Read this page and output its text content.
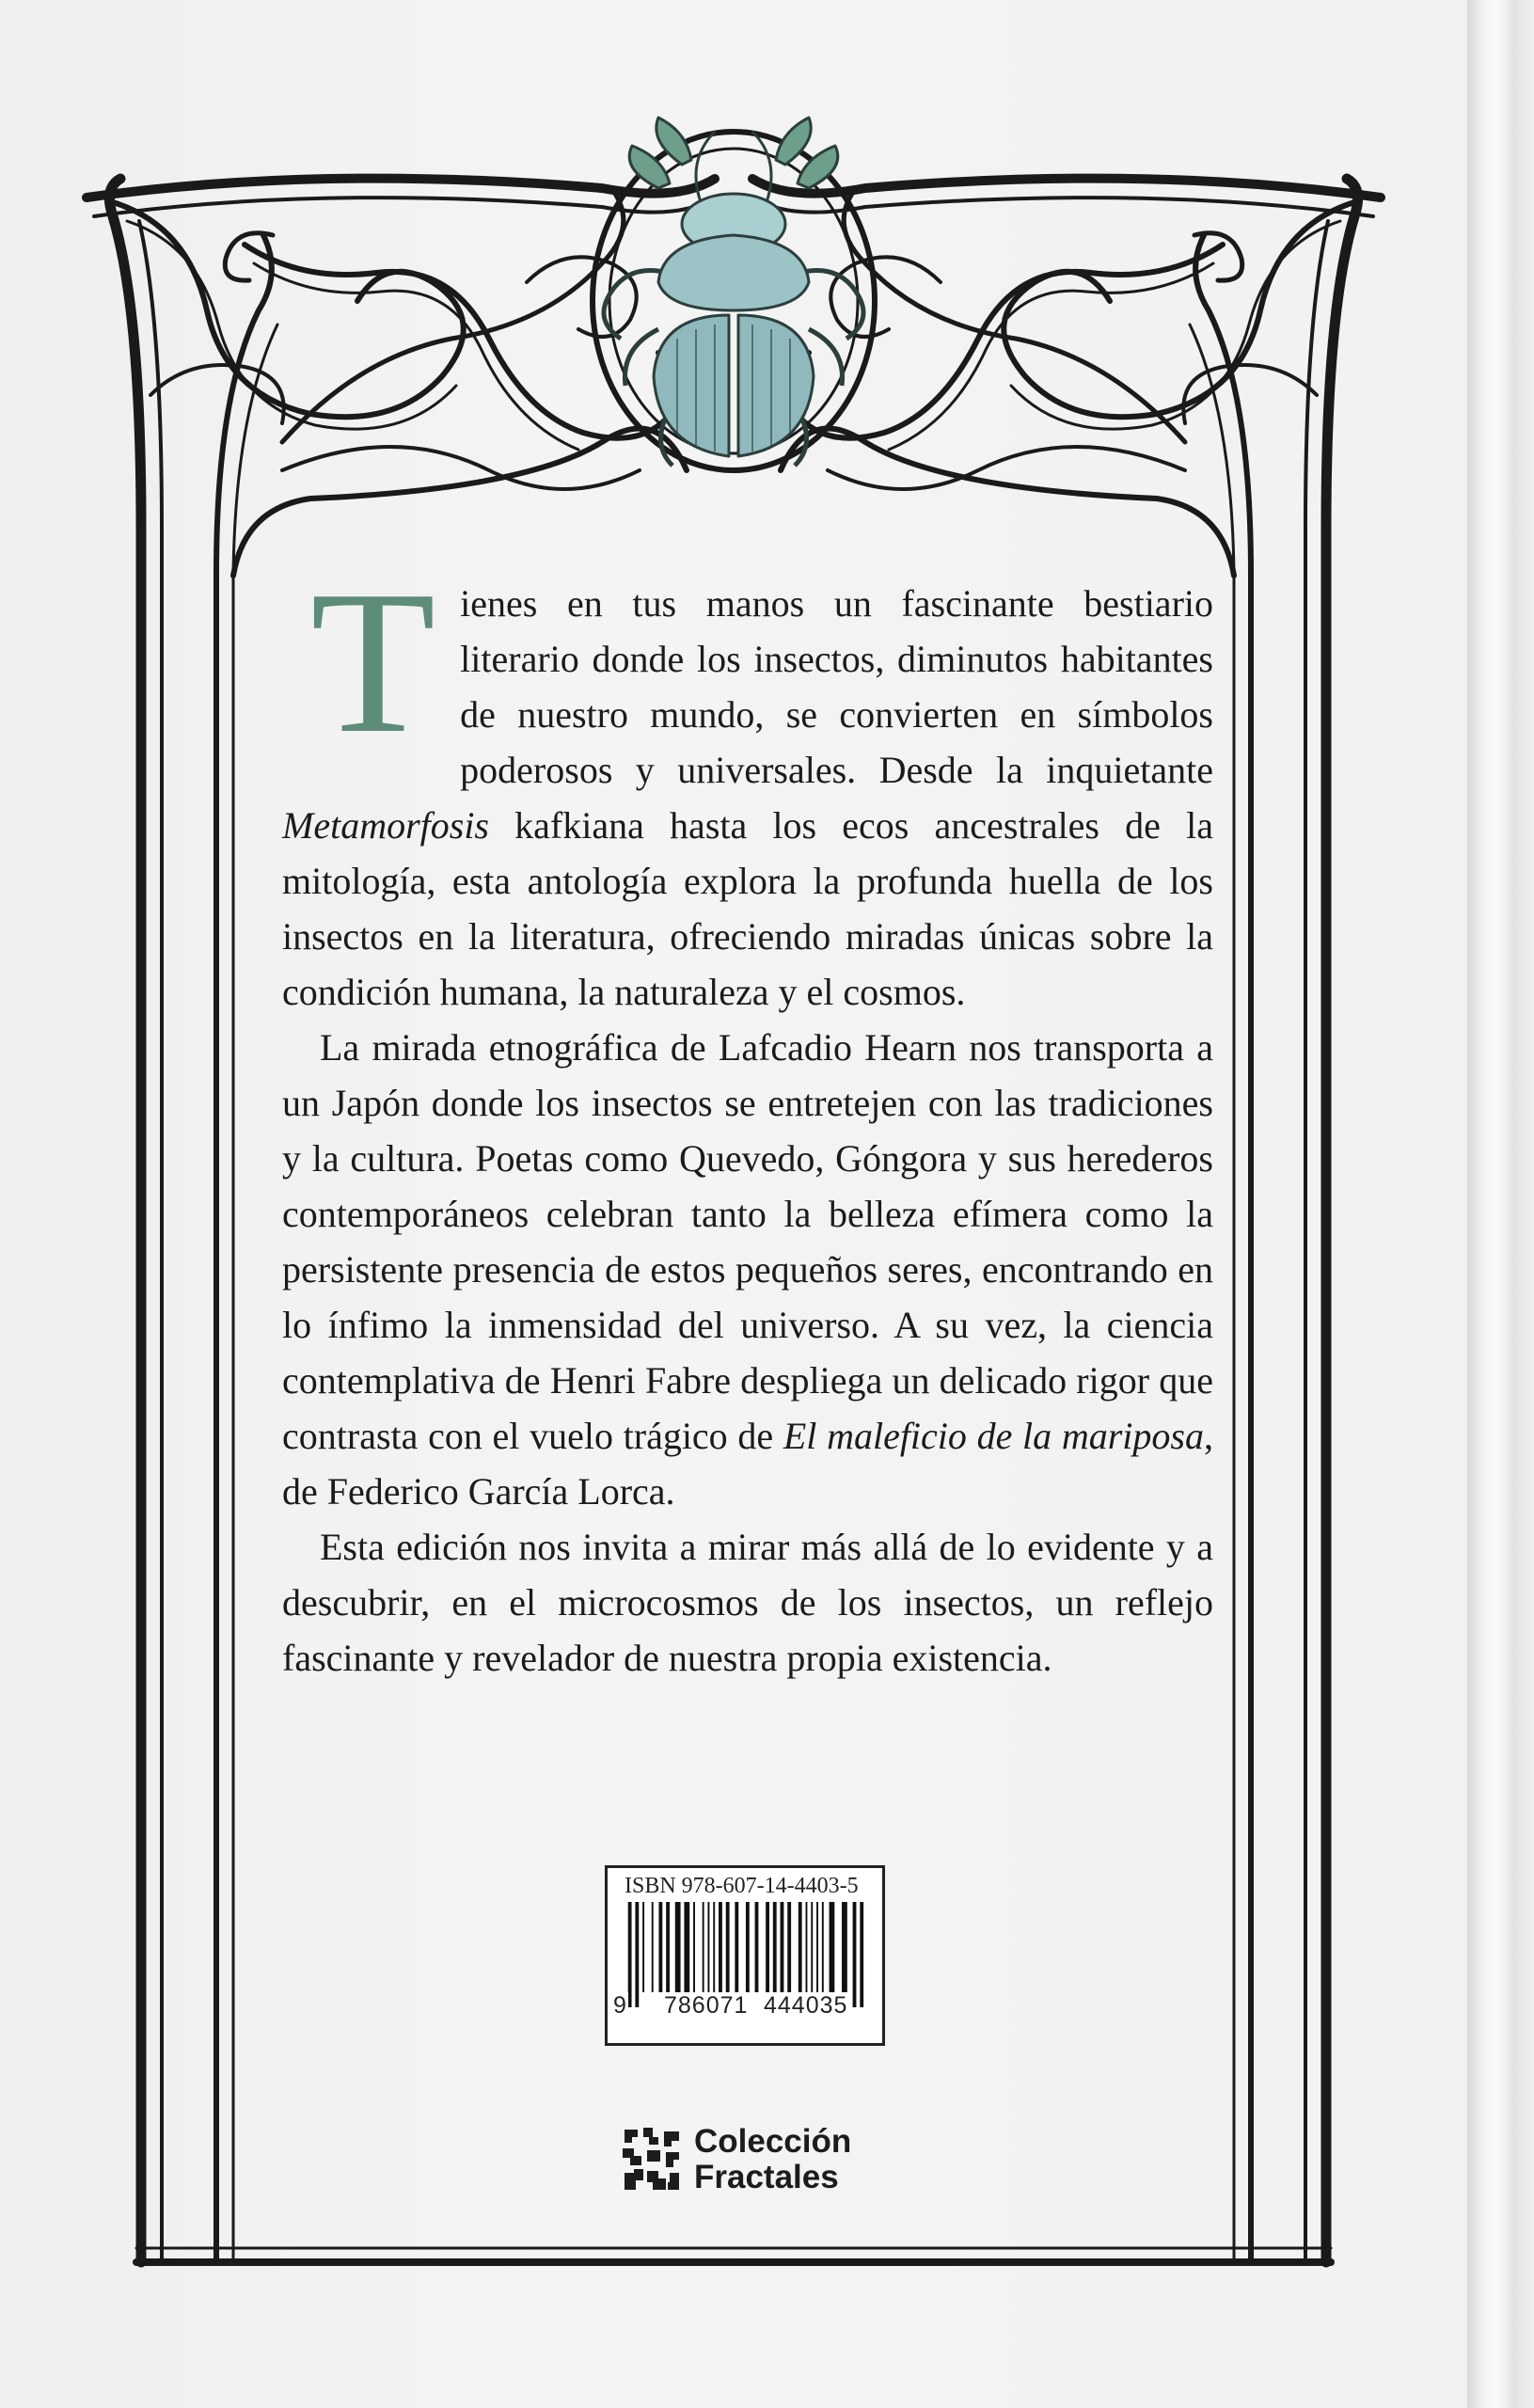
Tienes en tus manos un fascinante bestiario literario donde los insectos, diminutos habitantes de nuestro mundo, se convierten en símbolos poderosos y universales. Desde la inquietante Metamorfosis kafkiana hasta los ecos ancestrales de la mitología, esta antología explora la profunda huella de los insectos en la literatura, ofreciendo miradas únicas sobre la condición humana, la naturaleza y el cosmos.

La mirada etnográfica de Lafcadio Hearn nos transporta a un Japón donde los insectos se entretejen con las tradiciones y la cultura. Poetas como Quevedo, Góngora y sus herederos contemporáneos celebran tanto la belleza efímera como la persistente presencia de estos pequeños seres, encontrando en lo ínfimo la inmensidad del universo. A su vez, la ciencia contemplativa de Henri Fabre despliega un delicado rigor que contrasta con el vuelo trágico de El maleficio de la mariposa, de Federico García Lorca.

Esta edición nos invita a mirar más allá de lo evidente y a descubrir, en el microcosmos de los insectos, un reflejo fascinante y revelador de nuestra propia existencia.

ISBN 978-607-14-4403-5
9 786071 444035
Colección
Fractales
